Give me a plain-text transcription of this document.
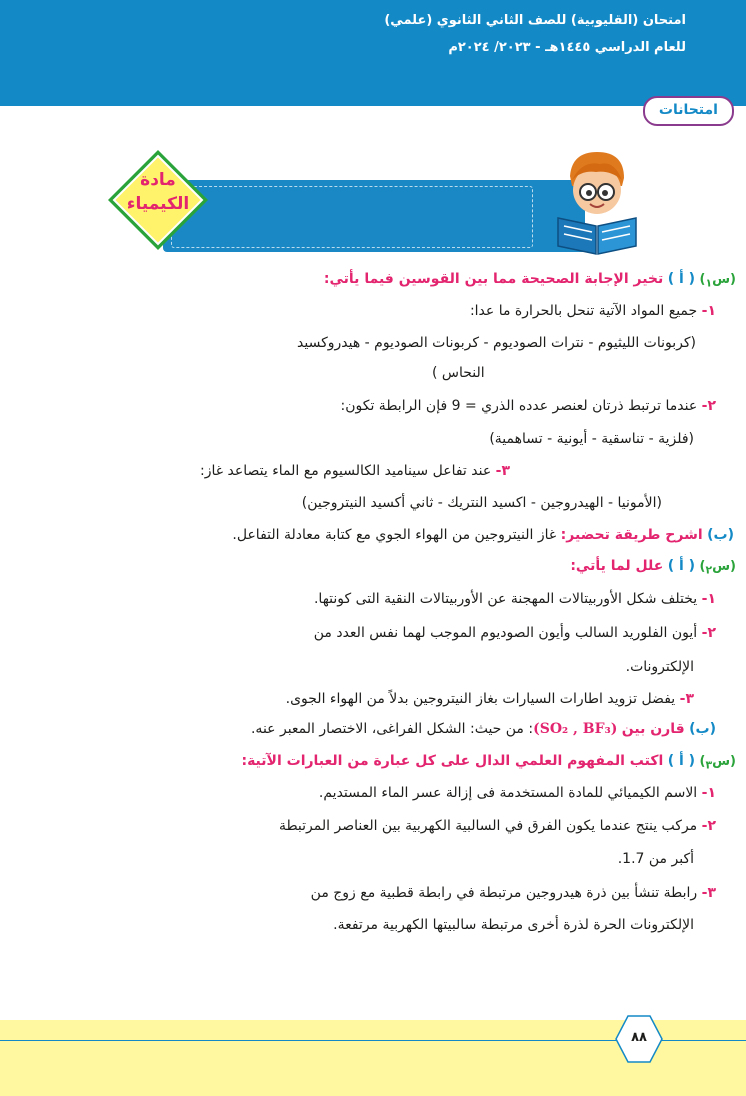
امتحانات
امتحان (القليوبية) للصف الثاني الثانوي (علمي)
للعام الدراسي ١٤٤٥هـ - ٢٠٢٣/ ٢٠٢٤م
مادة
الكيمياء
(س$_١$) ( أ ) تخير الإجابة الصحيحة مما بين القوسين فيما يأتي:
١- جميع المواد الآتية تنحل بالحرارة ما عدا:
(كربونات الليثيوم - نترات الصوديوم - كربونات الصوديوم - هيدروكسيد
النحاس )
٢- عندما ترتبط ذرتان لعنصر عدده الذري = 9 فإن الرابطة تكون:
(فلزية - تناسقية - أيونية - تساهمية)
٣- عند تفاعل سيناميد الكالسيوم مع الماء يتصاعد غاز:
(الأمونيا - الهيدروجين - اكسيد النتريك - ثاني أكسيد النيتروجين)
(ب) اشرح طريقة تحضير: غاز النيتروجين من الهواء الجوي مع كتابة معادلة التفاعل.
(س$_٢$) ( أ ) علل لما يأتي:
١- يختلف شكل الأوربيتالات المهجنة عن الأوربيتالات النقية التى كونتها.
٢- أيون الفلوريد السالب وأيون الصوديوم الموجب لهما نفس العدد من
الإلكترونات.
٣- يفضل تزويد اطارات السيارات بغاز النيتروجين بدلاً من الهواء الجوى.
(ب) قارن بين (SO₂ , BF₃): من حيث: الشكل الفراغى، الاختصار المعبر عنه.
(س$_٣$) ( أ ) اكتب المفهوم العلمي الدال على كل عبارة من العبارات الآتية:
١- الاسم الكيميائي للمادة المستخدمة فى إزالة عسر الماء المستديم.
٢- مركب ينتج عندما يكون الفرق في السالبية الكهربية بين العناصر المرتبطة
أكبر من 1.7.
٣- رابطة تنشأ بين ذرة هيدروجين مرتبطة في رابطة قطبية مع زوج من
الإلكترونات الحرة لذرة أخرى مرتبطة سالبيتها الكهربية مرتفعة.
٨٨
